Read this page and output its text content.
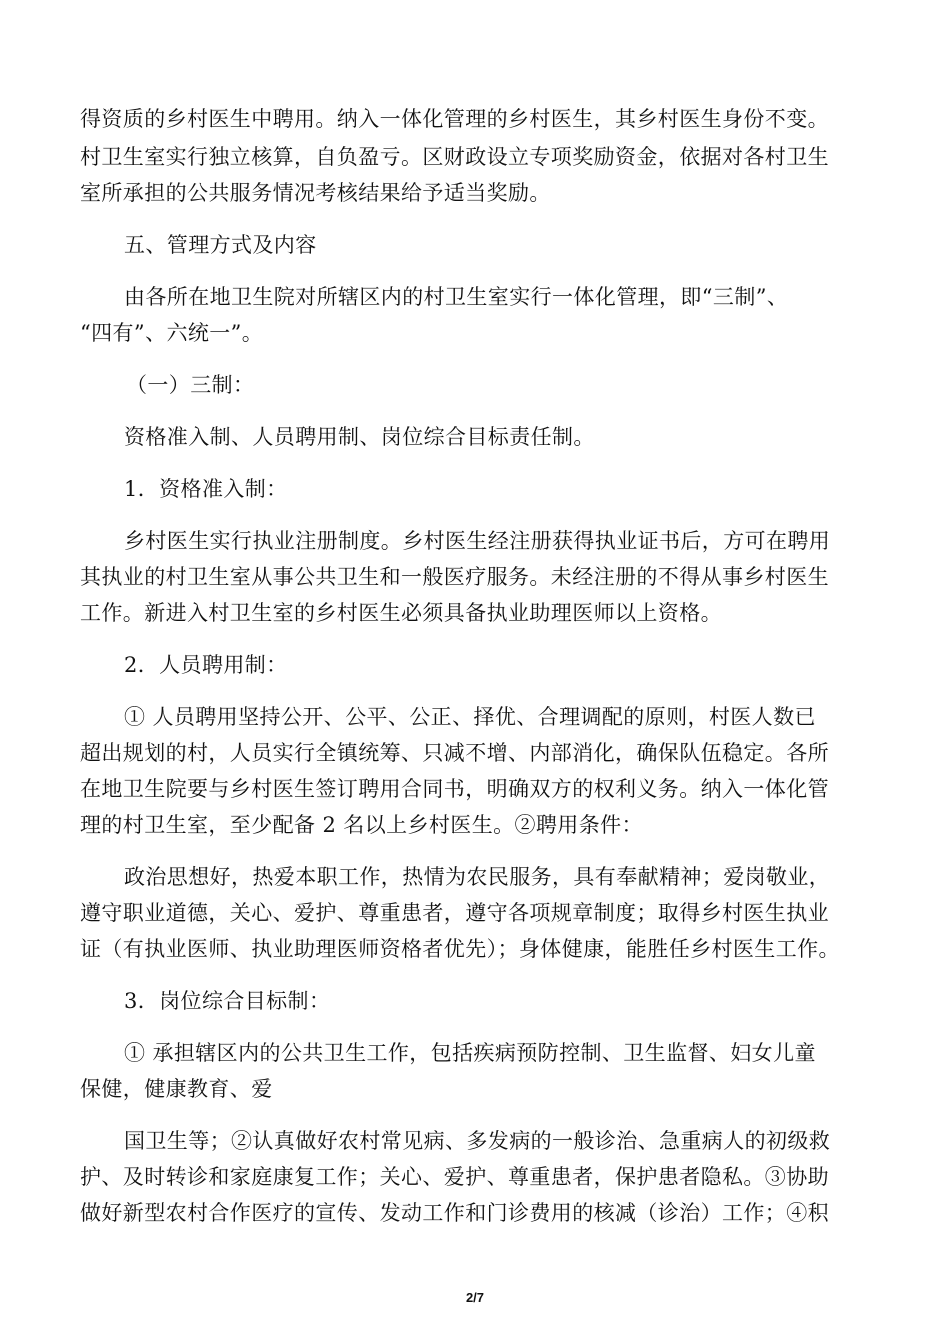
得资质的乡村医生中聘用。纳入一体化管理的乡村医生，其乡村医生身份不变。
村卫生室实行独立核算，自负盈亏。区财政设立专项奖励资金，依据对各村卫生
室所承担的公共服务情况考核结果给予适当奖励。
五、管理方式及内容
由各所在地卫生院对所辖区内的村卫生室实行一体化管理，即“三制”、
“四有”、六统一”。
（一）三制：
资格准入制、人员聘用制、岗位综合目标责任制。
1．资格准入制：
乡村医生实行执业注册制度。乡村医生经注册获得执业证书后，方可在聘用
其执业的村卫生室从事公共卫生和一般医疗服务。未经注册的不得从事乡村医生
工作。新进入村卫生室的乡村医生必须具备执业助理医师以上资格。
2．人员聘用制：
① 人员聘用坚持公开、公平、公正、择优、合理调配的原则，村医人数已
超出规划的村，人员实行全镇统筹、只减不增、内部消化，确保队伍稳定。各所
在地卫生院要与乡村医生签订聘用合同书，明确双方的权利义务。纳入一体化管
理的村卫生室，至少配备 2 名以上乡村医生。②聘用条件：
政治思想好，热爱本职工作，热情为农民服务，具有奉献精神；爱岗敬业，
遵守职业道德，关心、爱护、尊重患者，遵守各项规章制度；取得乡村医生执业
证（有执业医师、执业助理医师资格者优先）；身体健康，能胜任乡村医生工作。
3．岗位综合目标制：
① 承担辖区内的公共卫生工作，包括疾病预防控制、卫生监督、妇女儿童
保健，健康教育、爱
国卫生等；②认真做好农村常见病、多发病的一般诊治、急重病人的初级救
护、及时转诊和家庭康复工作；关心、爱护、尊重患者，保护患者隐私。③协助
做好新型农村合作医疗的宣传、发动工作和门诊费用的核减（诊治）工作；④积
2/7
